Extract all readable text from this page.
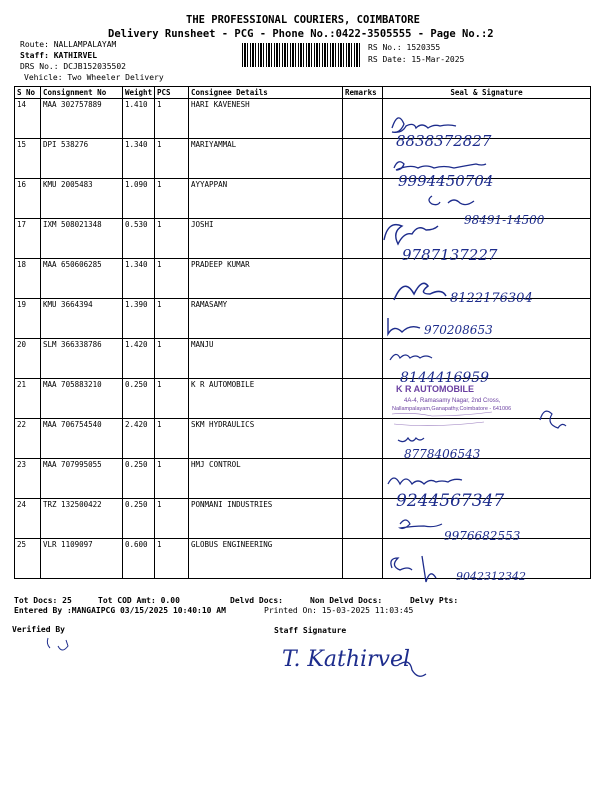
THE PROFESSIONAL COURIERS, COIMBATORE
Delivery Runsheet - PCG - Phone No.:0422-3505555 - Page No.:2
Route: NALLAMPALAYAM
Staff: KATHIRVEL
DRS No.: DCJB152035502
Vehicle: Two Wheeler Delivery
RS No.: 1520355
RS Date: 15-Mar-2025
S No	Consignment No	Weight	PCS	Consignee Details	Remarks	Seal & Signature
14	MAA 302757889	1.410	1	HARI KAVENESH		
15	DPI 538276	1.340	1	MARIYAMMAL		
16	KMU 2005483	1.090	1	AYYAPPAN		
17	IXM 508021348	0.530	1	JOSHI		
18	MAA 650606285	1.340	1	PRADEEP KUMAR		
19	KMU 3664394	1.390	1	RAMASAMY		
20	SLM 366338786	1.420	1	MANJU		
21	MAA 705883210	0.250	1	K R AUTOMOBILE		
22	MAA 706754540	2.420	1	SKM HYDRAULICS		
23	MAA 707995055	0.250	1	HMJ CONTROL		
24	TRZ 132500422	0.250	1	PONMANI INDUSTRIES		
25	VLR 1109097	0.600	1	GLOBUS ENGINEERING		
8838372827
9994450704
98491-14500
9787137227
8122176304
970208653
8144416959
K R AUTOMOBILE
4A-4, Ramasamy Nagar, 2nd Cross,
Nallampalayam,Ganapathy,Coimbatore - 641006
8778406543
9244567347
9976682553
9042312342
T. Kathirvel
Tot Docs: 25	Tot COD Amt: 0.00	Delvd Docs:	Non Delvd Docs:	Delvy Pts:
Entered By :MANGAIPCG 03/15/2025 10:40:10 AM	Printed On: 15-03-2025 11:03:45
Verified By	Staff Signature
